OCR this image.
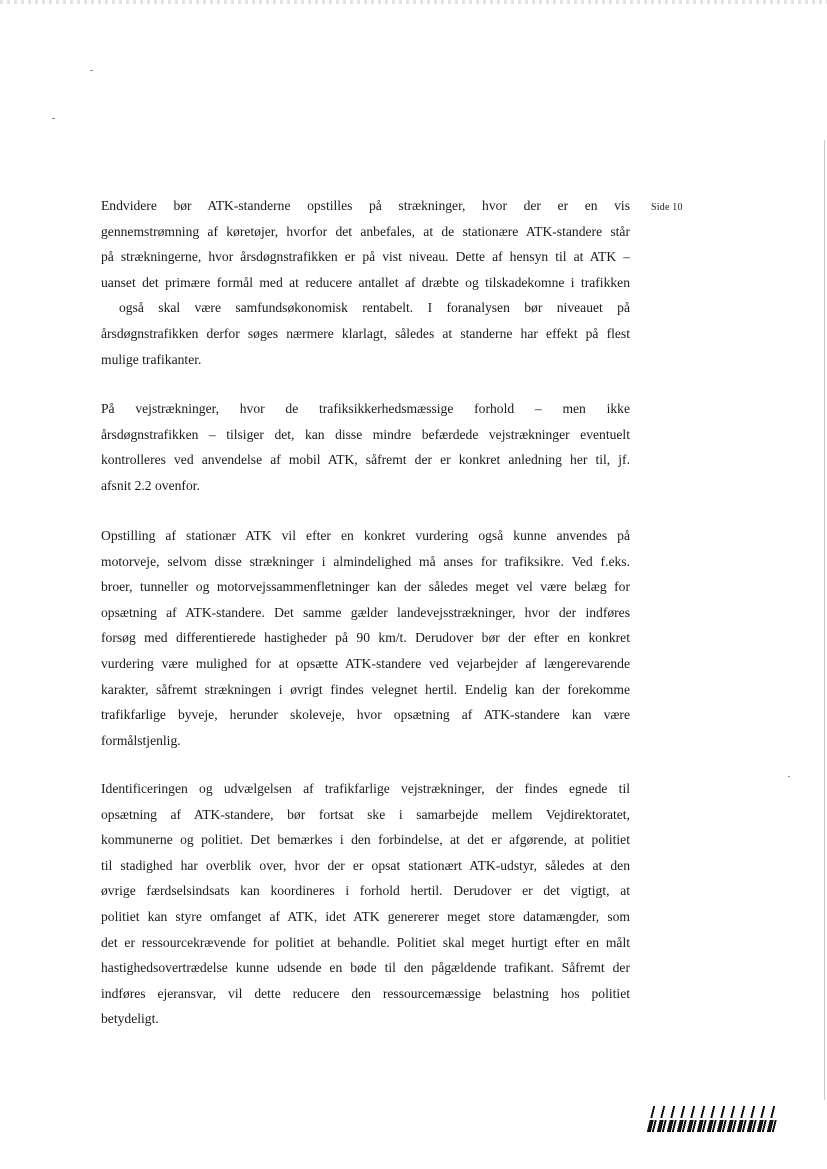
Side 10
Endvidere bør ATK-standerne opstilles på strækninger, hvor der er en vis
gennemstrømning af køretøjer, hvorfor det anbefales, at de stationære ATK-standere står
på strækningerne, hvor årsdøgnstrafikken er på vist niveau. Dette af hensyn til at ATK –
uanset det primære formål med at reducere antallet af dræbte og tilskadekomne i trafikken
også skal være samfundsøkonomisk rentabelt. I foranalysen bør niveauet på
årsdøgnstrafikken derfor søges nærmere klarlagt, således at standerne har effekt på flest
mulige trafikanter.
På vejstrækninger, hvor de trafiksikkerhedsmæssige forhold – men ikke
årsdøgnstrafikken – tilsiger det, kan disse mindre befærdede vejstrækninger eventuelt
kontrolleres ved anvendelse af mobil ATK, såfremt der er konkret anledning her til, jf.
afsnit 2.2 ovenfor.
Opstilling af stationær ATK vil efter en konkret vurdering også kunne anvendes på
motorveje, selvom disse strækninger i almindelighed må anses for trafiksikre. Ved f.eks.
broer, tunneller og motorvejssammenfletninger kan der således meget vel være belæg for
opsætning af ATK-standere. Det samme gælder landevejsstrækninger, hvor der indføres
forsøg med differentierede hastigheder på 90 km/t. Derudover bør der efter en konkret
vurdering være mulighed for at opsætte ATK-standere ved vejarbejder af længerevarende
karakter, såfremt strækningen i øvrigt findes velegnet hertil. Endelig kan der forekomme
trafikfarlige byveje, herunder skoleveje, hvor opsætning af ATK-standere kan være
formålstjenlig.
Identificeringen og udvælgelsen af trafikfarlige vejstrækninger, der findes egnede til
opsætning af ATK-standere, bør fortsat ske i samarbejde mellem Vejdirektoratet,
kommunerne og politiet. Det bemærkes i den forbindelse, at det er afgørende, at politiet
til stadighed har overblik over, hvor der er opsat stationært ATK-udstyr, således at den
øvrige færdselsindsats kan koordineres i forhold hertil. Derudover er det vigtigt, at
politiet kan styre omfanget af ATK, idet ATK genererer meget store datamængder, som
det er ressourcekrævende for politiet at behandle. Politiet skal meget hurtigt efter en målt
hastighedsovertrædelse kunne udsende en bøde til den pågældende trafikant. Såfremt der
indføres ejeransvar, vil dette reducere den ressourcemæssige belastning hos politiet
betydeligt.
